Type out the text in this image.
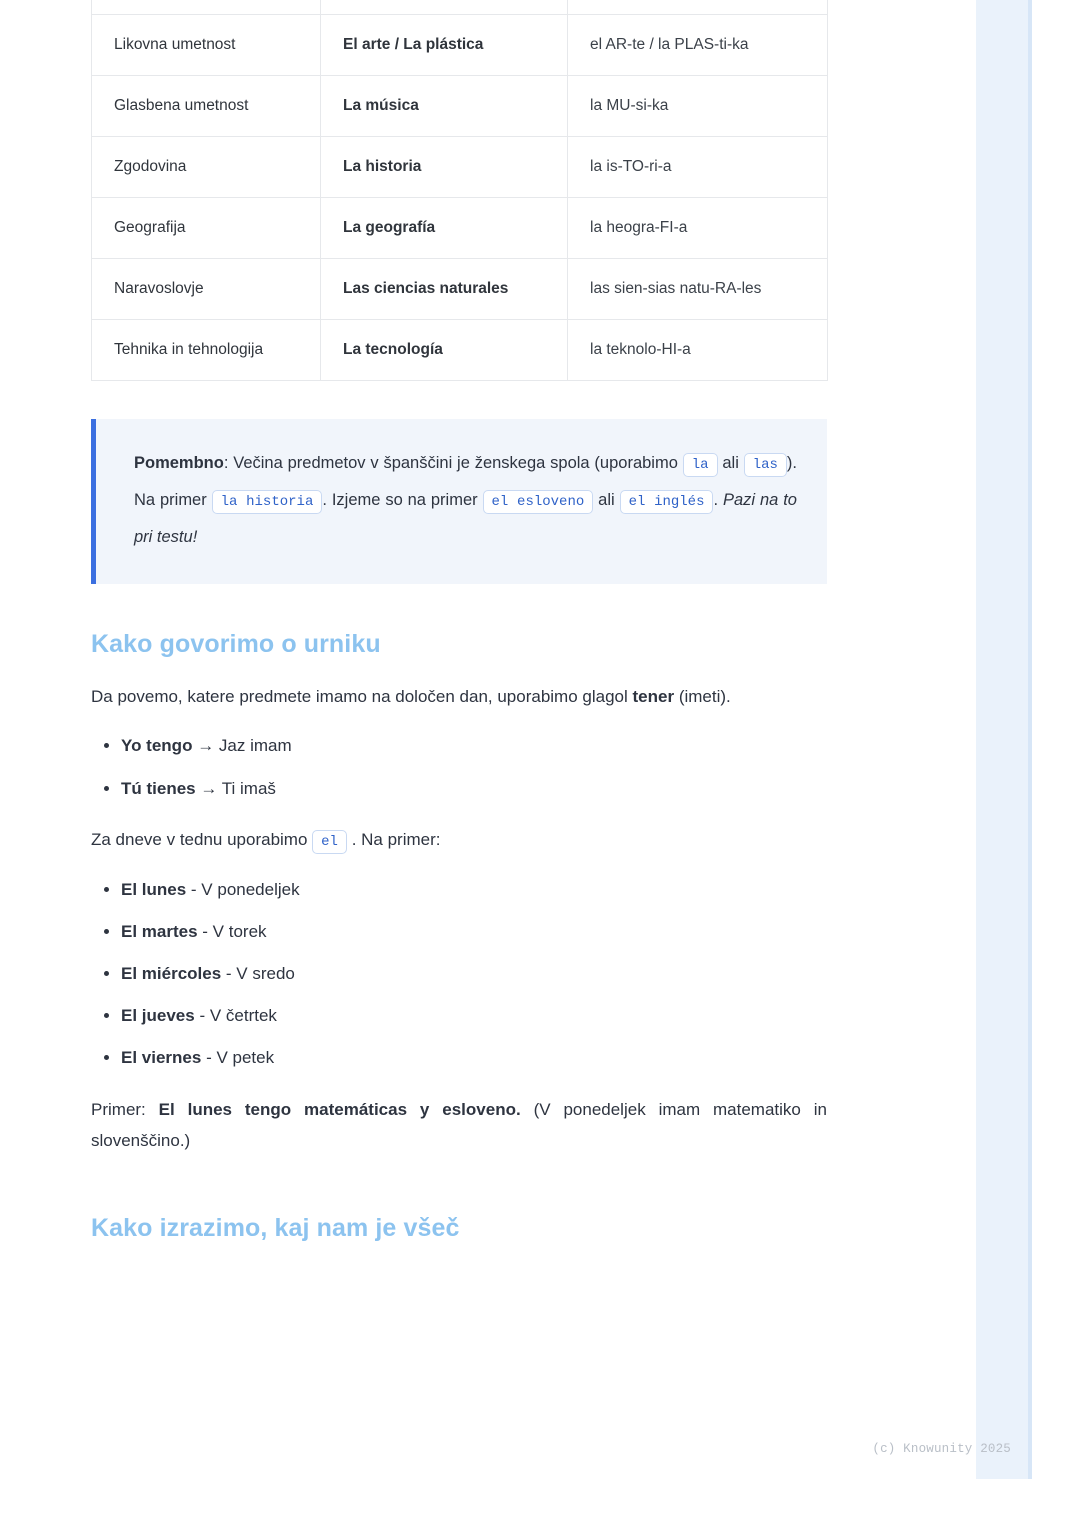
Likovna umetnost	El arte / La plástica	el AR-te / la PLAS-ti-ka
Glasbena umetnost	La música	la MU-si-ka
Zgodovina	La historia	la is-TO-ri-a
Geografija	La geografía	la heogra-FI-a
Naravoslovje	Las ciencias naturales	las sien-sias natu-RA-les
Tehnika in tehnologija	La tecnología	la teknolo-HI-a
Pomembno: Večina predmetov v španščini je ženskega spola (uporabimo la ali las ). Na primer la historia . Izjeme so na primer el esloveno ali el inglés . Pazi na to pri testu!
Kako govorimo o urniku

Da povemo, katere predmete imamo na določen dan, uporabimo glagol tener (imeti).

• Yo tengo → Jaz imam
• Tú tienes → Ti imaš

Za dneve v tednu uporabimo el . Na primer:

• El lunes - V ponedeljek
• El martes - V torek
• El miércoles - V sredo
• El jueves - V četrtek
• El viernes - V petek

Primer: El lunes tengo matemáticas y esloveno. (V ponedeljek imam matematiko in slovenščino.)

Kako izrazimo, kaj nam je všeč
(c) Knowunity 2025
